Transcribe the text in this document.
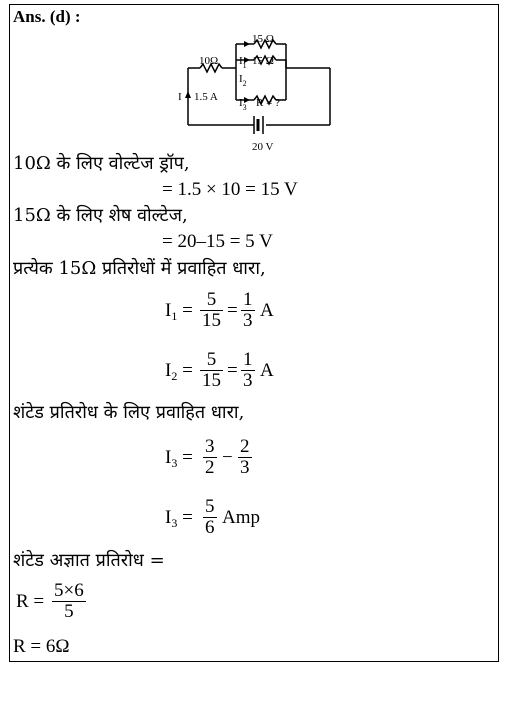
Ans. (d) :
15 Ω
10Ω	15 Ω
$I_1$
$I_2$
$I_3$ R = ?
I 1.5 A
20 V
10Ω के लिए वोल्टेज ड्रॉप,
= 1.5 × 10 = 15 V
15Ω के लिए शेष वोल्टेज,
= 20–15 = 5 V
प्रत्येक 15Ω प्रतिरोधों में प्रवाहित धारा,
$I_1 = \frac{5}{15} = \frac{1}{3}$ A
$I_2 = \frac{5}{15} = \frac{1}{3}$ A
शंटेड प्रतिरोध के लिए प्रवाहित धारा,
$I_3 = \frac{3}{2} - \frac{2}{3}$
$I_3 = \frac{5}{6}$ Amp
शंटेड अज्ञात प्रतिरोध =
$R = \frac{5\times 6}{5}$
R = 6Ω
